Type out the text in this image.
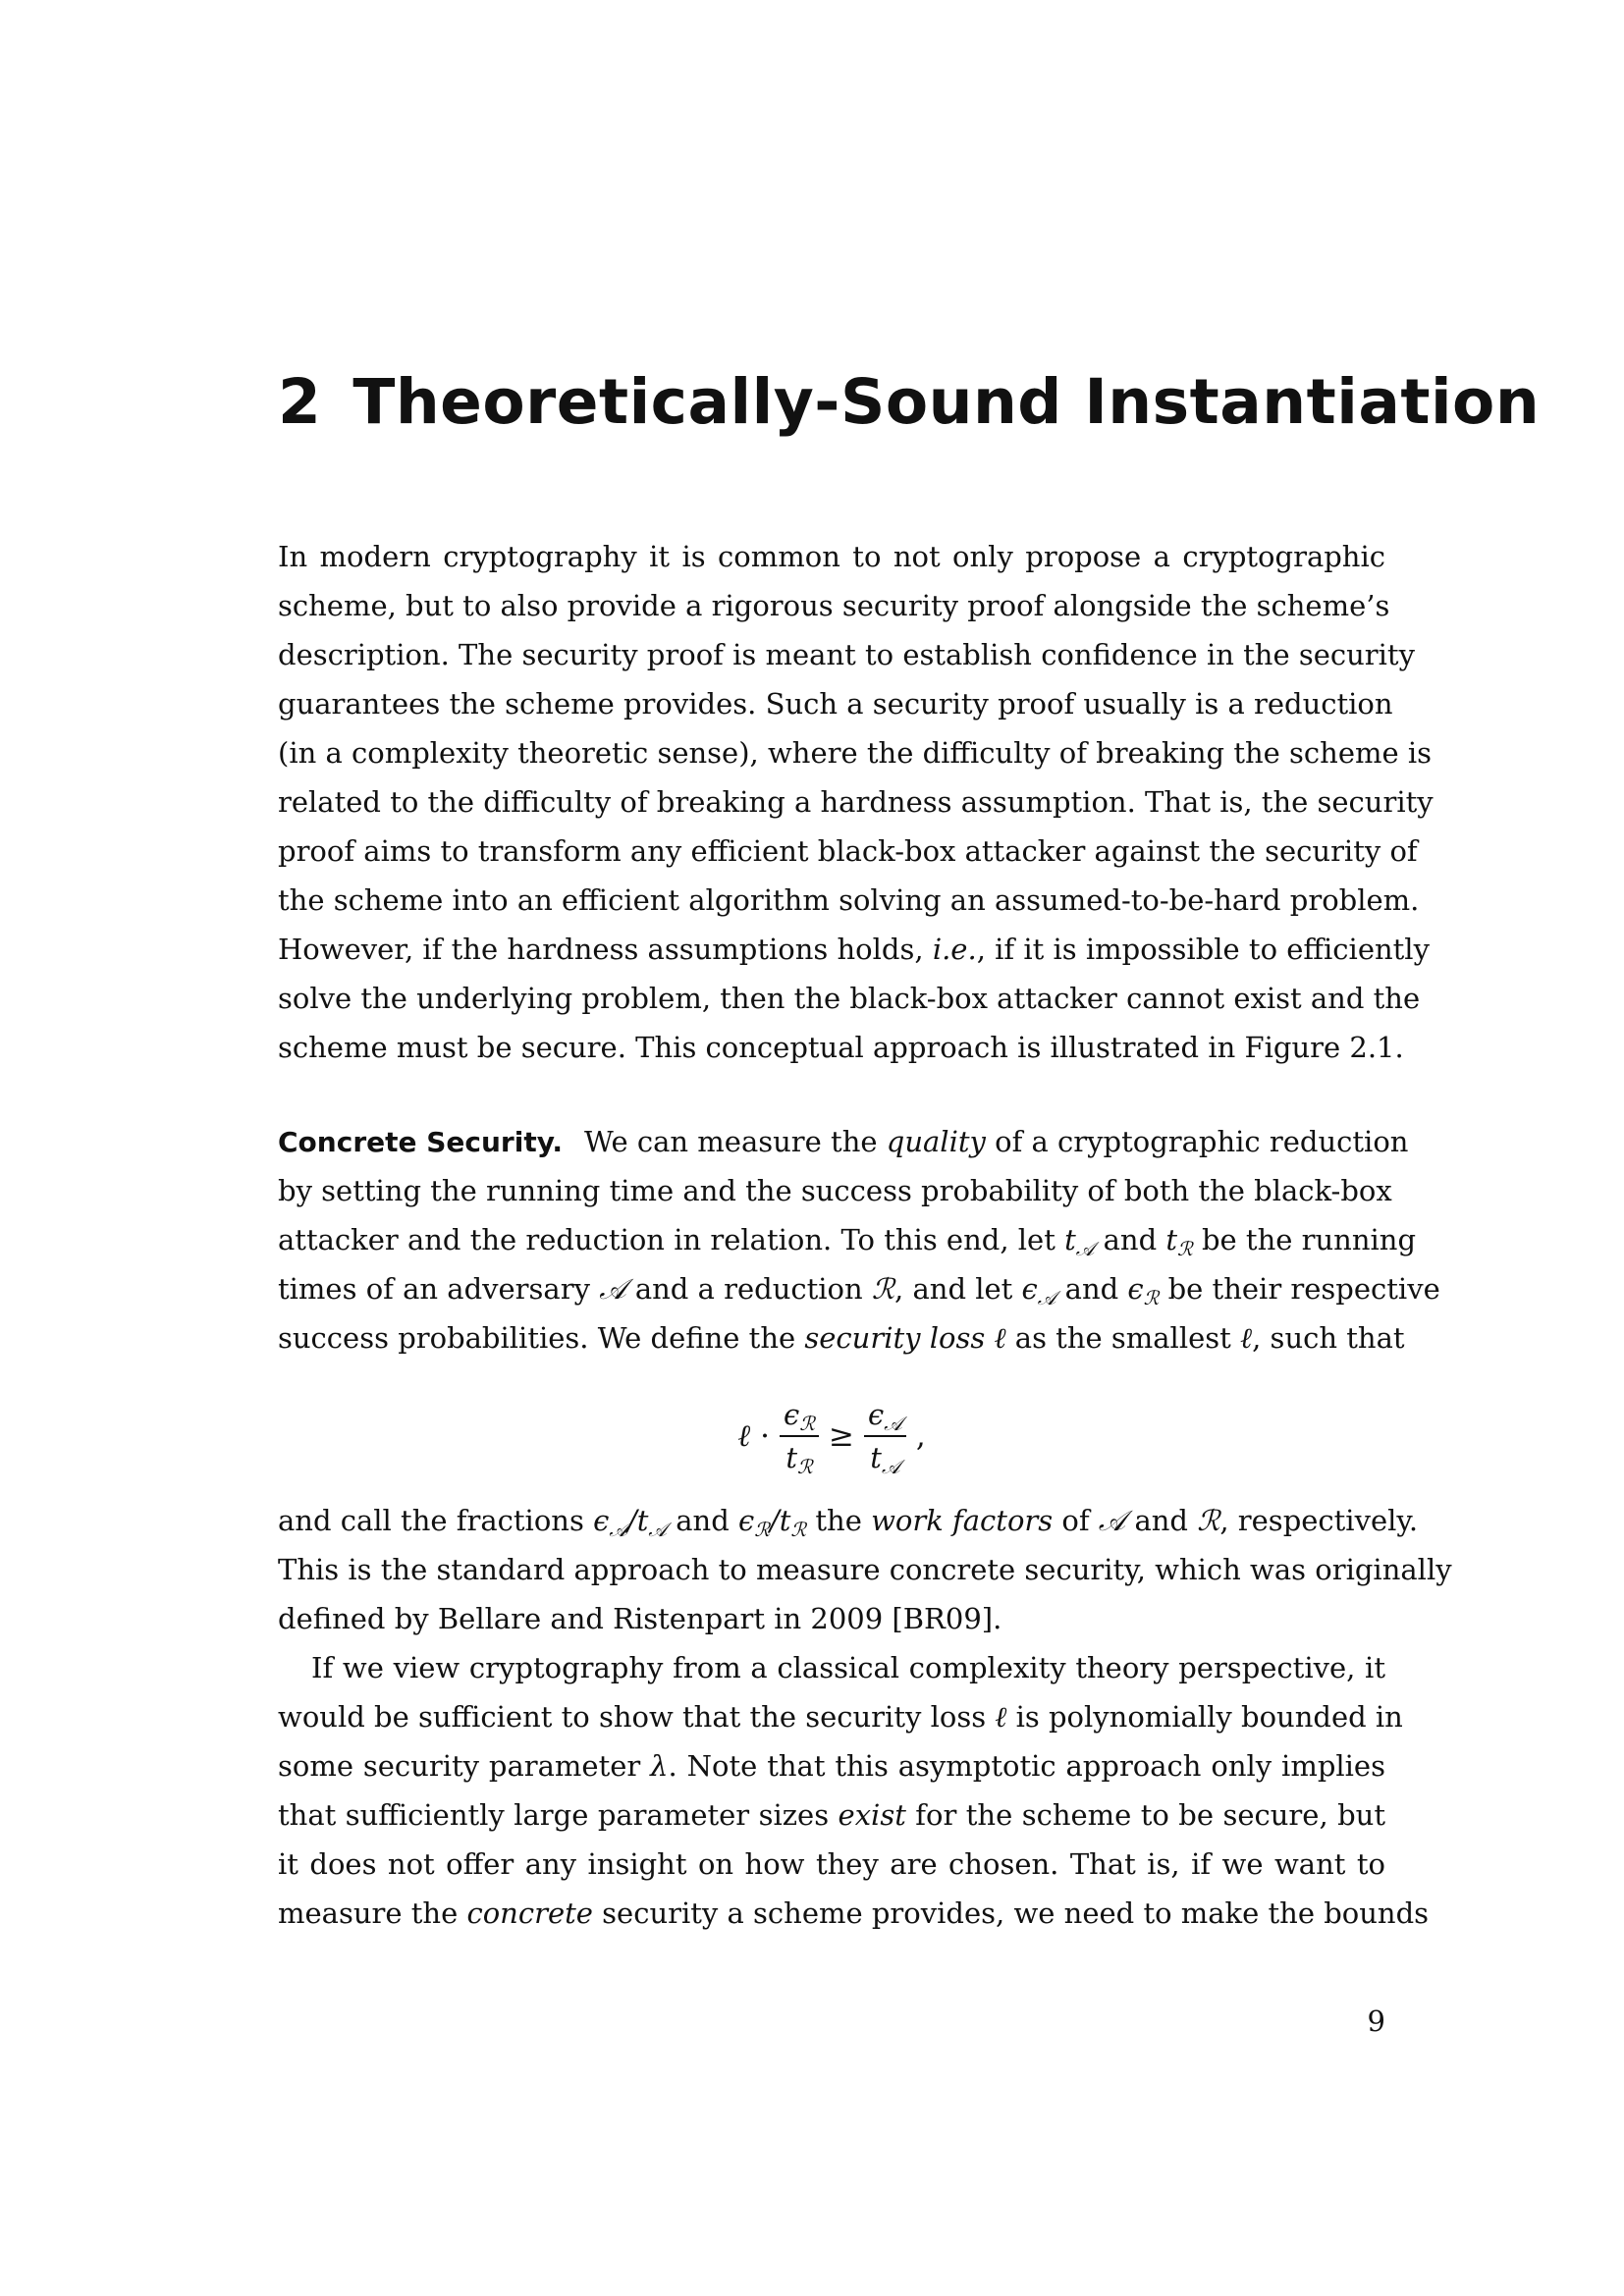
2 Theoretically-Sound Instantiation
In modern cryptography it is common to not only propose a cryptographic
scheme, but to also provide a rigorous security proof alongside the scheme’s
description. The security proof is meant to establish confidence in the security
guarantees the scheme provides. Such a security proof usually is a reduction
(in a complexity theoretic sense), where the difficulty of breaking the scheme is
related to the difficulty of breaking a hardness assumption. That is, the security
proof aims to transform any efficient black-box attacker against the security of
the scheme into an efficient algorithm solving an assumed-to-be-hard problem.
However, if the hardness assumptions holds, i.e., if it is impossible to efficiently
solve the underlying problem, then the black-box attacker cannot exist and the
scheme must be secure. This conceptual approach is illustrated in Figure 2.1.
Concrete Security. We can measure the quality of a cryptographic reduction
by setting the running time and the success probability of both the black-box
attacker and the reduction in relation. To this end, let $t_𝒜$ and $t_ℛ$ be the running
times of an adversary 𝒜 and a reduction ℛ, and let $\epsilon_𝒜$ and $\epsilon_ℛ$ be their respective
success probabilities. We define the security loss ℓ as the smallest ℓ, such that
ℓ · $\frac{\epsilon_ℛ}{t_ℛ} \ge \frac{\epsilon_𝒜}{t_𝒜}$ ,
and call the fractions $\epsilon_𝒜/t_𝒜$ and $\epsilon_ℛ/t_ℛ$ the work factors of 𝒜 and ℛ, respectively.
This is the standard approach to measure concrete security, which was originally
defined by Bellare and Ristenpart in 2009 [BR09].
If we view cryptography from a classical complexity theory perspective, it
would be sufficient to show that the security loss ℓ is polynomially bounded in
some security parameter λ. Note that this asymptotic approach only implies
that sufficiently large parameter sizes exist for the scheme to be secure, but
it does not offer any insight on how they are chosen. That is, if we want to
measure the concrete security a scheme provides, we need to make the bounds
9
